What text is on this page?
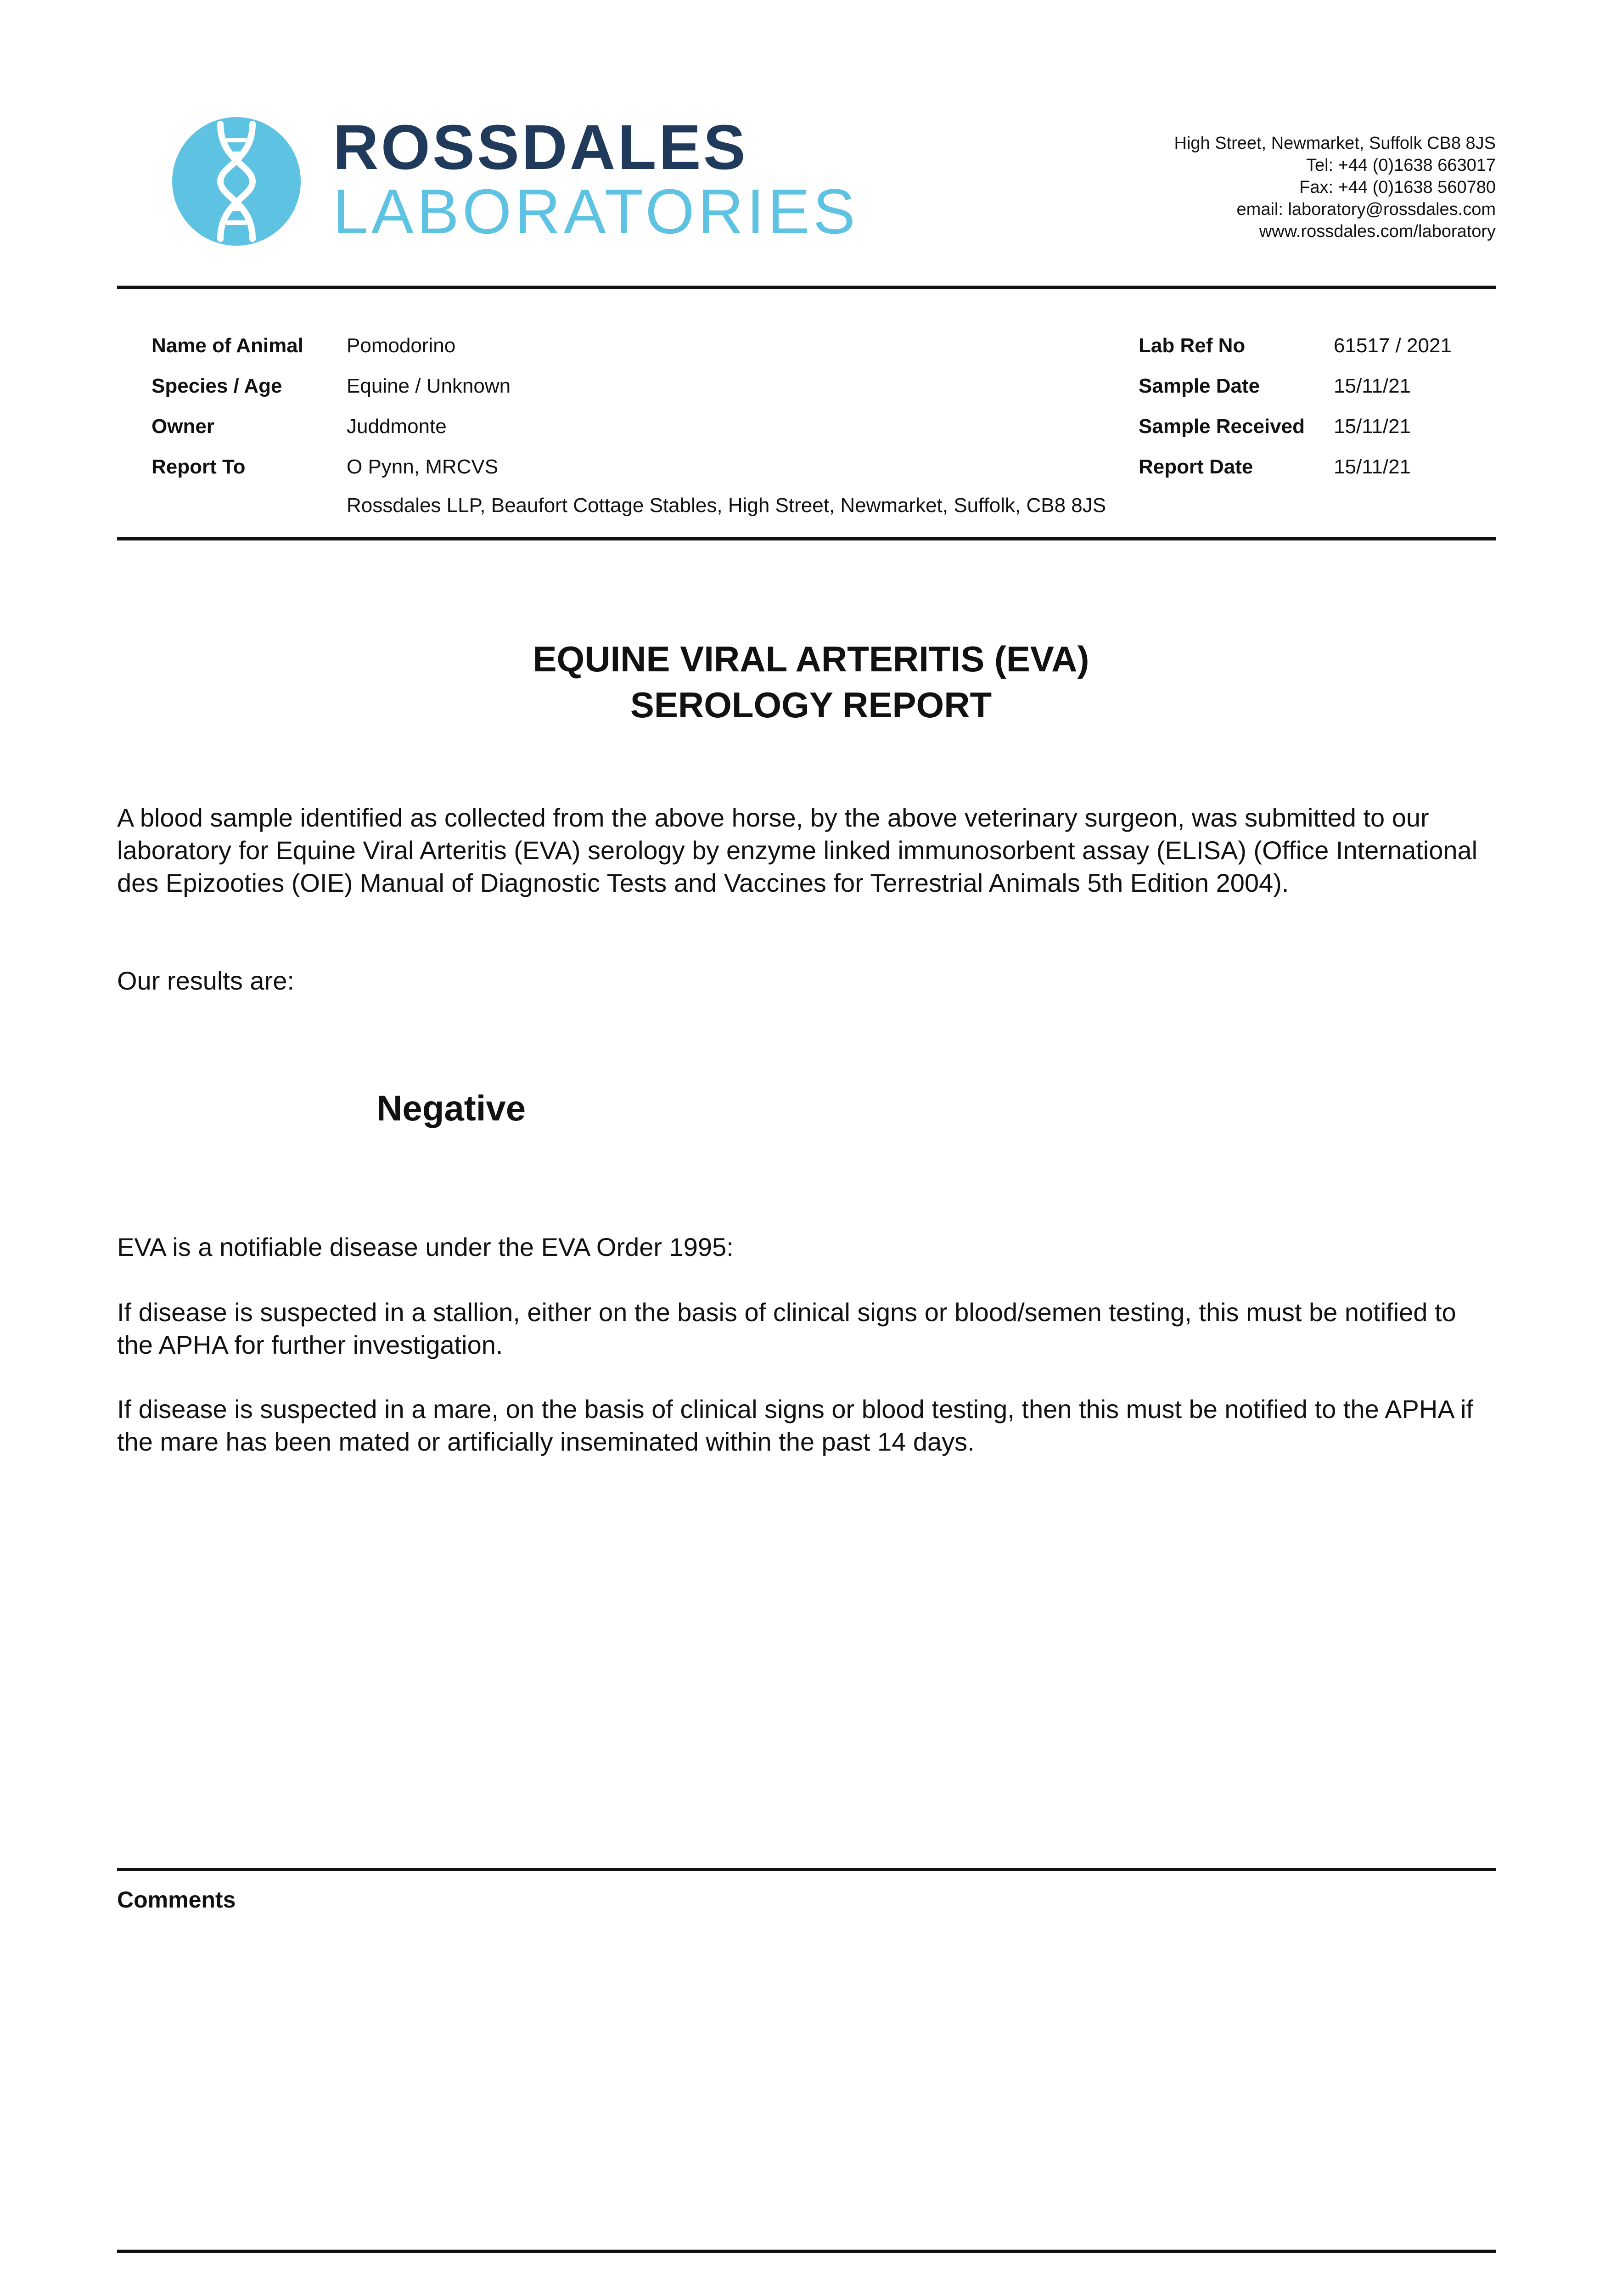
ROSSDALES
LABORATORIES
High Street, Newmarket, Suffolk CB8 8JS
Tel: +44 (0)1638 663017
Fax: +44 (0)1638 560780
email: laboratory@rossdales.com
www.rossdales.com/laboratory
Name of Animal Pomodorino
Species / Age	Equine / Unknown
Owner	Juddmonte
Report To	O Pynn, MRCVS
Rossdales LLP, Beaufort Cottage Stables, High Street, Newmarket, Suffolk, CB8 8JS
Lab Ref No	61517 / 2021
Sample Date	15/11/21
Sample Received 15/11/21
Report Date	15/11/21
EQUINE VIRAL ARTERITIS (EVA)
SEROLOGY REPORT
A blood sample identified as collected from the above horse, by the above veterinary surgeon, was submitted to our laboratory for Equine Viral Arteritis (EVA) serology by enzyme linked immunosorbent assay (ELISA) (Office International des Epizooties (OIE) Manual of Diagnostic Tests and Vaccines for Terrestrial Animals 5th Edition 2004).
Our results are:
Negative
EVA is a notifiable disease under the EVA Order 1995:
If disease is suspected in a stallion, either on the basis of clinical signs or blood/semen testing, this must be notified to the APHA for further investigation.
If disease is suspected in a mare, on the basis of clinical signs or blood testing, then this must be notified to the APHA if the mare has been mated or artificially inseminated within the past 14 days.
Comments
